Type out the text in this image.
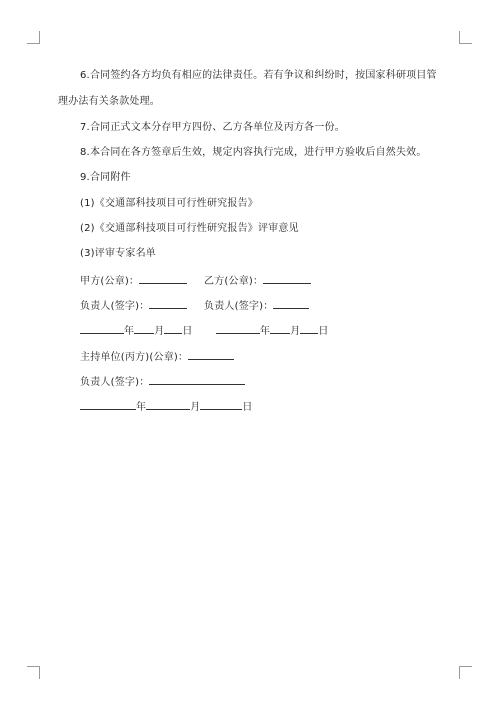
6.合同签约各方均负有相应的法律责任。若有争议和纠纷时，按国家科研项目管
理办法有关条款处理。
7.合同正式文本分存甲方四份、乙方各单位及丙方各一份。
8.本合同在各方签章后生效，规定内容执行完成，进行甲方验收后自然失效。
9.合同附件
(1)《交通部科技项目可行性研究报告》
(2)《交通部科技项目可行性研究报告》评审意见
(3)评审专家名单
甲方(公章)：	乙方(公章)：
负责人(签字)：	负责人(签字)：
年 月 日	年 月 日
主持单位(丙方)(公章)：
负责人(签字)：
年	月	日
